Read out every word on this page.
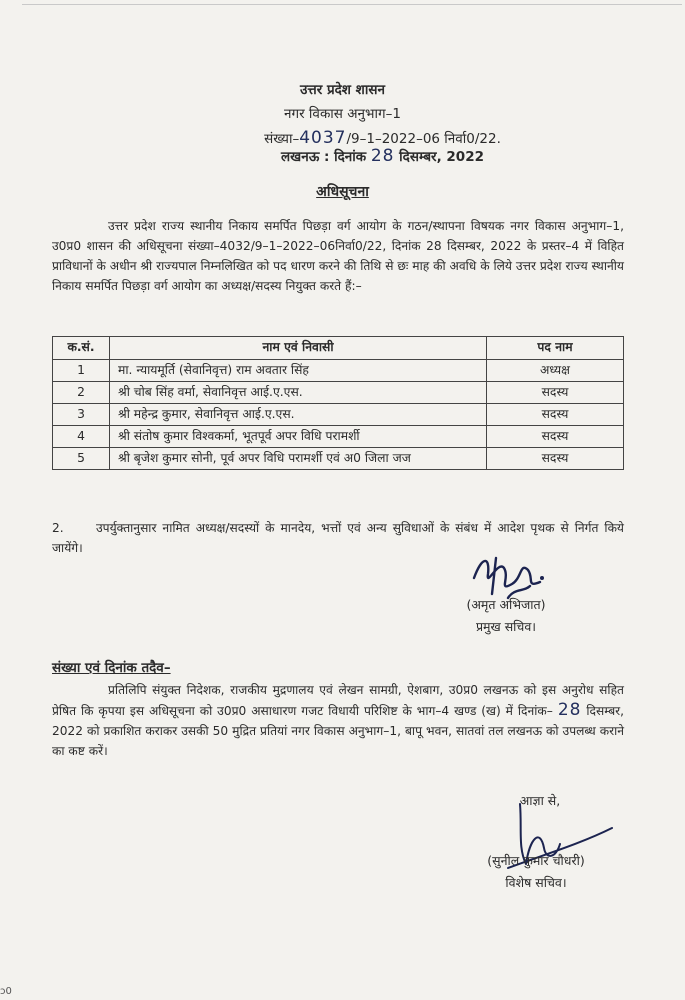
उत्तर प्रदेश शासन
नगर विकास अनुभाग–1
संख्या–4037/9–1–2022–06 निर्वा0/22.
लखनऊ : दिनांक 28 दिसम्बर, 2022
अधिसूचना
उत्तर प्रदेश राज्य स्थानीय निकाय समर्पित पिछड़ा वर्ग आयोग के गठन/स्थापना विषयक नगर विकास अनुभाग–1, उ0प्र0 शासन की अधिसूचना संख्या–4032/9–1–2022–06निर्वा0/22, दिनांक 28 दिसम्बर, 2022 के प्रस्तर–4 में विहित प्राविधानों के अधीन श्री राज्यपाल निम्नलिखित को पद धारण करने की तिथि से छः माह की अवधि के लिये उत्तर प्रदेश राज्य स्थानीय निकाय समर्पित पिछड़ा वर्ग आयोग का अध्यक्ष/सदस्य नियुक्त करते हैं:–
क.सं.	नाम एवं निवासी	पद नाम
1	मा. न्यायमूर्ति (सेवानिवृत्त) राम अवतार सिंह	अध्यक्ष
2	श्री चोब सिंह वर्मा, सेवानिवृत्त आई.ए.एस.	सदस्य
3	श्री महेन्द्र कुमार, सेवानिवृत्त आई.ए.एस.	सदस्य
4	श्री संतोष कुमार विश्वकर्मा, भूतपूर्व अपर विधि परामर्शी	सदस्य
5	श्री बृजेश कुमार सोनी, पूर्व अपर विधि परामर्शी एवं अ0 जिला जज	सदस्य
2.	उपर्युक्तानुसार नामित अध्यक्ष/सदस्यों के मानदेय, भत्तों एवं अन्य सुविधाओं के संबंध में आदेश पृथक से निर्गत किये जायेंगे।
(अमृत अभिजात)
प्रमुख सचिव।
संख्या एवं दिनांक तदैव–
प्रतिलिपि संयुक्त निदेशक, राजकीय मुद्रणालय एवं लेखन सामग्री, ऐशबाग, उ0प्र0 लखनऊ को इस अनुरोध सहित प्रेषित कि कृपया इस अधिसूचना को उ0प्र0 असाधारण गजट विधायी परिशिष्ट के भाग–4 खण्ड (ख) में दिनांक– 28 दिसम्बर, 2022 को प्रकाशित कराकर उसकी 50 मुद्रित प्रतियां नगर विकास अनुभाग–1, बापू भवन, सातवां तल लखनऊ को उपलब्ध कराने का कष्ट करें।
आज्ञा से,
(सुनील कुमार चौधरी)
विशेष सचिव।
ɔ0
